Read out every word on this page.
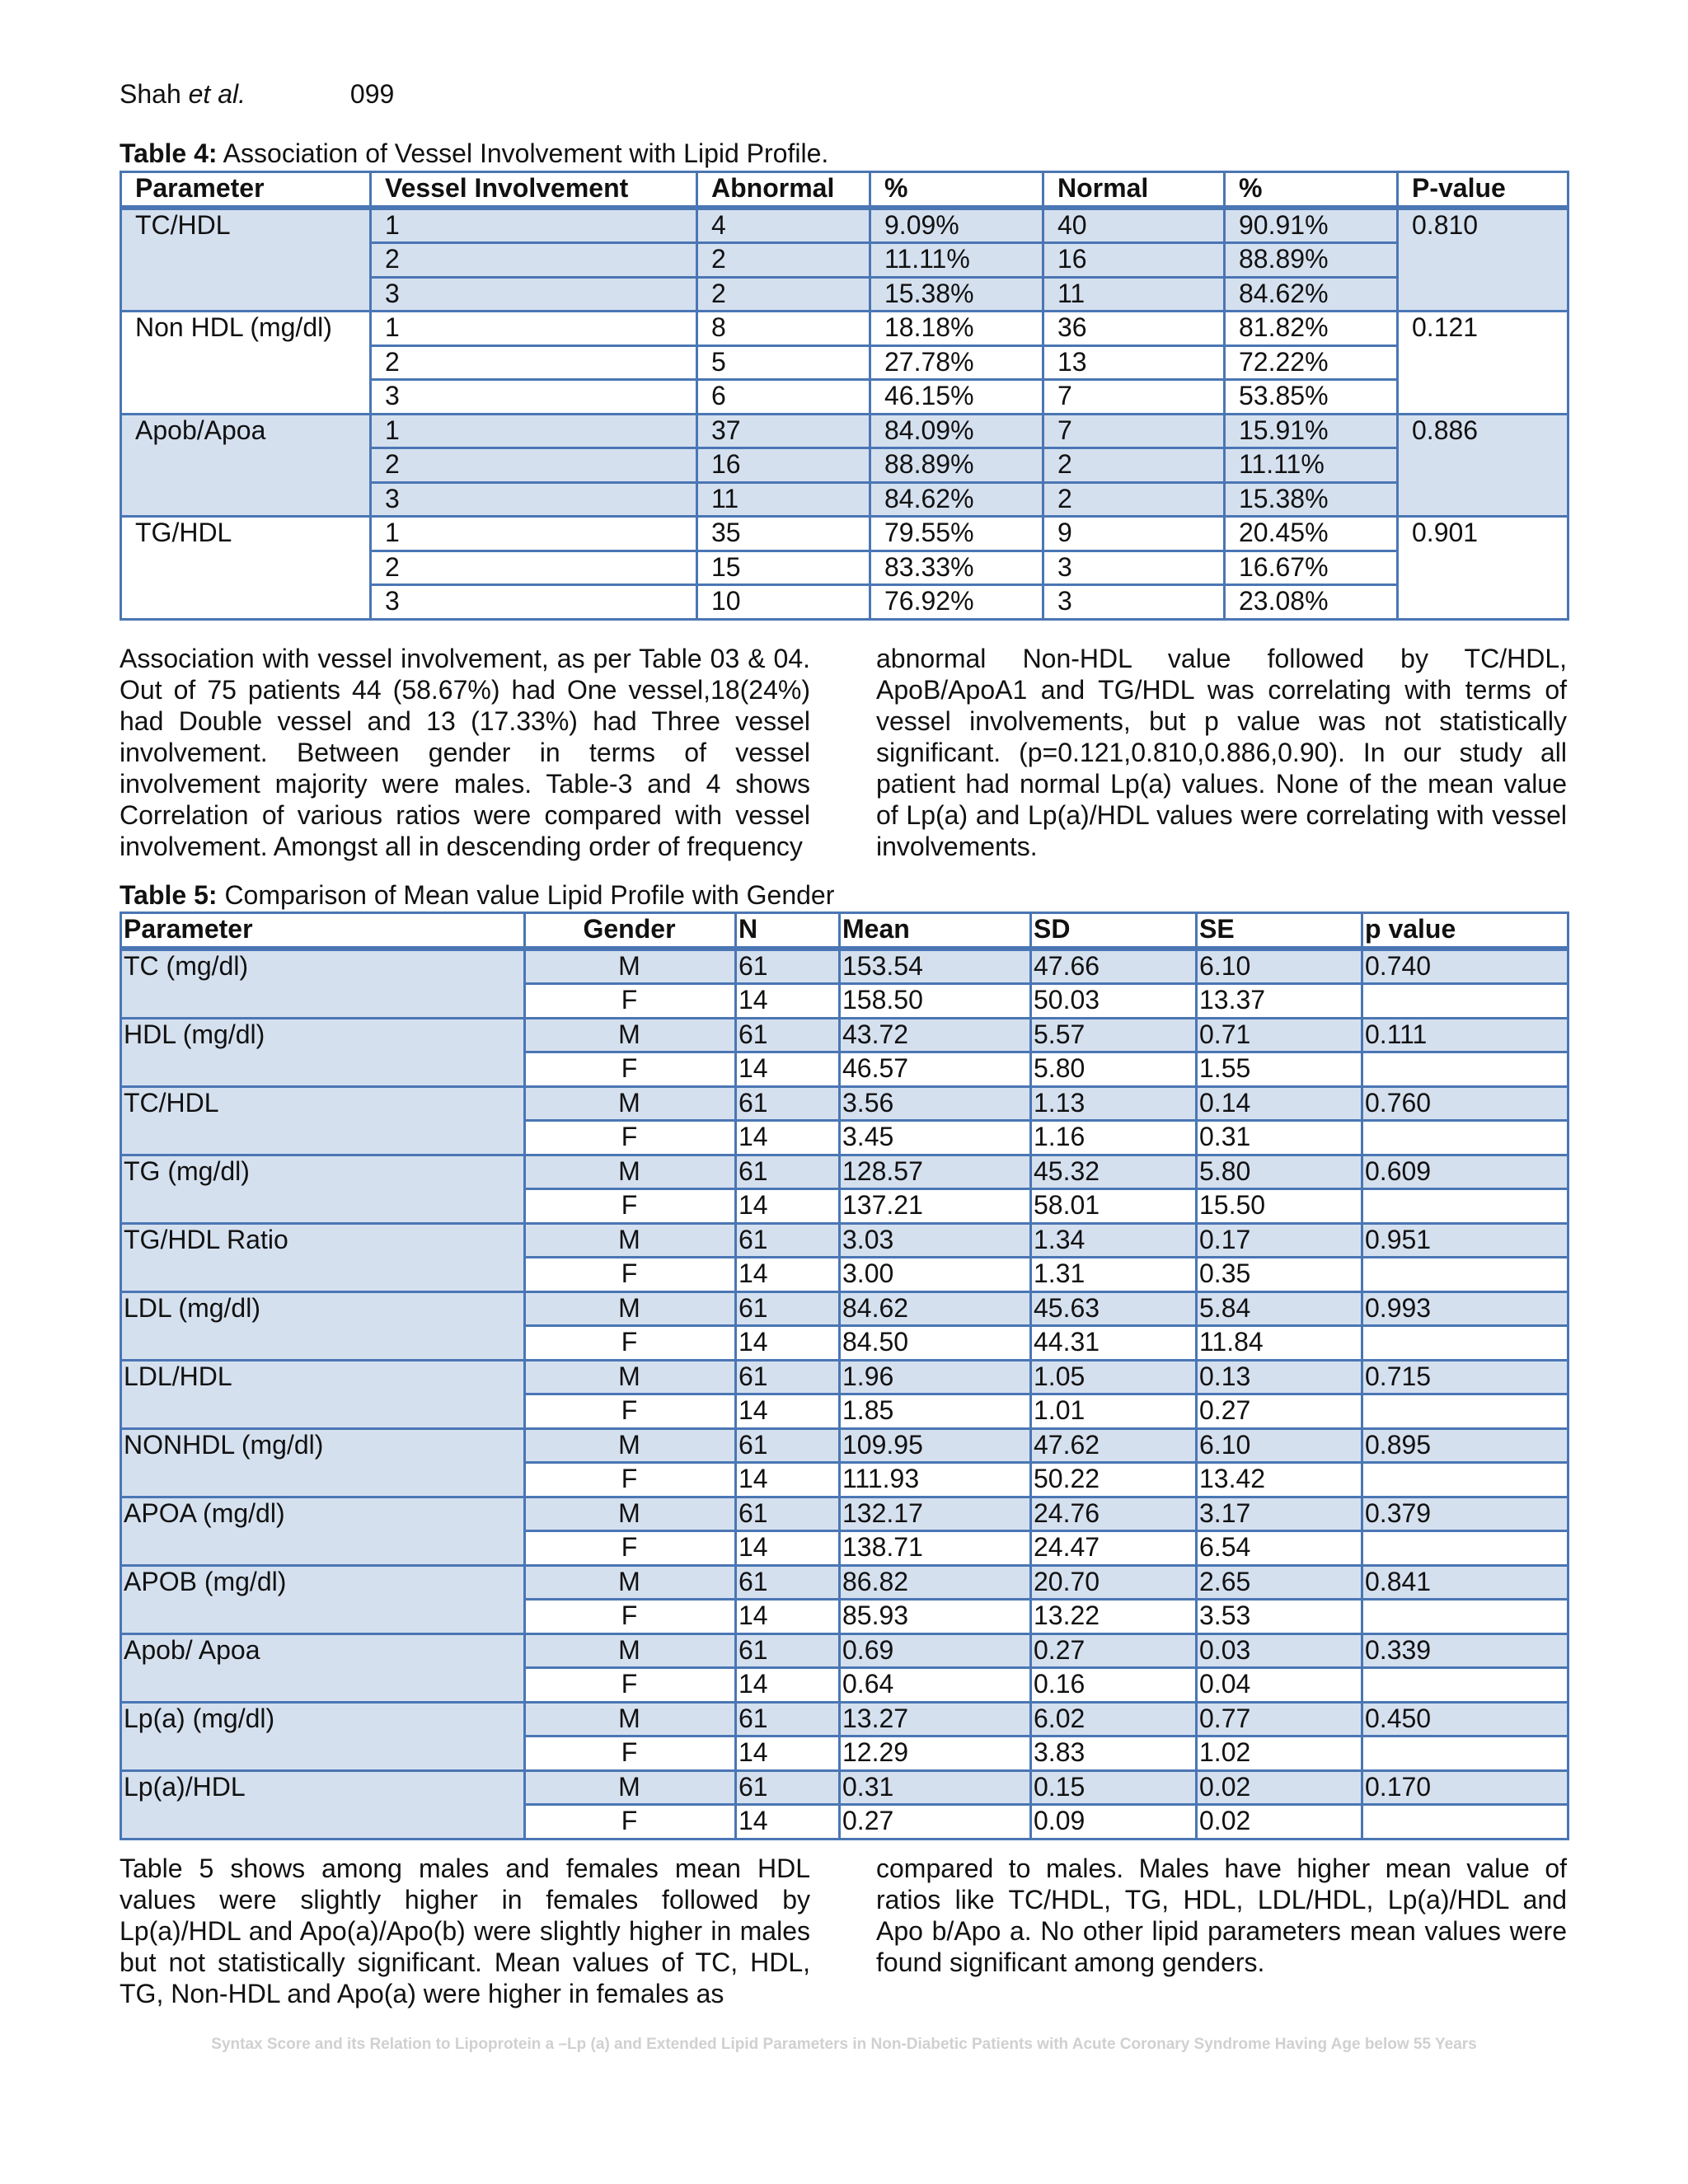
Shah et al.	099
Table 4: Association of Vessel Involvement with Lipid Profile.
Parameter	Vessel Involvement	Abnormal	%	Normal	%	P-value
TC/HDL	1	4	9.09%	40	90.91%	0.810
	2	2	11.11%	16	88.89%	
	3	2	15.38%	11	84.62%	
Non HDL (mg/dl)	1	8	18.18%	36	81.82%	0.121
	2	5	27.78%	13	72.22%	
	3	6	46.15%	7	53.85%	
Apob/Apoa	1	37	84.09%	7	15.91%	0.886
	2	16	88.89%	2	11.11%	
	3	11	84.62%	2	15.38%	
TG/HDL	1	35	79.55%	9	20.45%	0.901
	2	15	83.33%	3	16.67%	
	3	10	76.92%	3	23.08%	
Association with vessel involvement, as per Table 03 & 04. Out of 75 patients 44 (58.67%) had One vessel,18(24%) had Double vessel and 13 (17.33%) had Three vessel involvement. Between gender in terms of vessel involvement majority were males. Table-3 and 4 shows Correlation of various ratios were compared with vessel involvement. Amongst all in descending order of frequency
abnormal Non-HDL value followed by TC/HDL, ApoB/ApoA1 and TG/HDL was correlating with terms of vessel involvements, but p value was not statistically significant. (p=0.121,0.810,0.886,0.90). In our study all patient had normal Lp(a) values. None of the mean value of Lp(a) and Lp(a)/HDL values were correlating with vessel involvements.
Table 5: Comparison of Mean value Lipid Profile with Gender
Parameter	Gender	N	Mean	SD	SE	p value
TC (mg/dl)	M	61	153.54	47.66	6.10	0.740
	F	14	158.50	50.03	13.37	
HDL (mg/dl)	M	61	43.72	5.57	0.71	0.111
	F	14	46.57	5.80	1.55	
TC/HDL	M	61	3.56	1.13	0.14	0.760
	F	14	3.45	1.16	0.31	
TG (mg/dl)	M	61	128.57	45.32	5.80	0.609
	F	14	137.21	58.01	15.50	
TG/HDL Ratio	M	61	3.03	1.34	0.17	0.951
	F	14	3.00	1.31	0.35	
LDL (mg/dl)	M	61	84.62	45.63	5.84	0.993
	F	14	84.50	44.31	11.84	
LDL/HDL	M	61	1.96	1.05	0.13	0.715
	F	14	1.85	1.01	0.27	
NONHDL (mg/dl)	M	61	109.95	47.62	6.10	0.895
	F	14	111.93	50.22	13.42	
APOA (mg/dl)	M	61	132.17	24.76	3.17	0.379
	F	14	138.71	24.47	6.54	
APOB (mg/dl)	M	61	86.82	20.70	2.65	0.841
	F	14	85.93	13.22	3.53	
Apob/ Apoa	M	61	0.69	0.27	0.03	0.339
	F	14	0.64	0.16	0.04	
Lp(a) (mg/dl)	M	61	13.27	6.02	0.77	0.450
	F	14	12.29	3.83	1.02	
Lp(a)/HDL	M	61	0.31	0.15	0.02	0.170
	F	14	0.27	0.09	0.02	
Table 5 shows among males and females mean HDL values were slightly higher in females followed by Lp(a)/HDL and Apo(a)/Apo(b) were slightly higher in males but not statistically significant. Mean values of TC, HDL, TG, Non-HDL and Apo(a) were higher in females as
compared to males. Males have higher mean value of ratios like TC/HDL, TG, HDL, LDL/HDL, Lp(a)/HDL and Apo b/Apo a. No other lipid parameters mean values were found significant among genders.
Syntax Score and its Relation to Lipoprotein a –Lp (a) and Extended Lipid Parameters in Non-Diabetic Patients with Acute Coronary Syndrome Having Age below 55 Years
